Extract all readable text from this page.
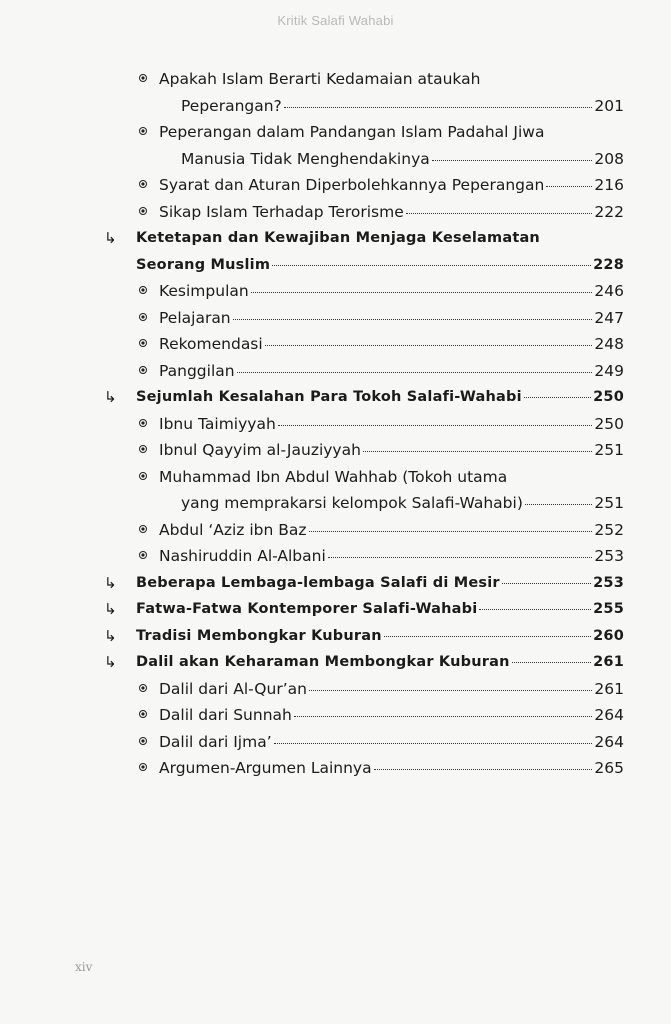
Kritik Salafi Wahabi
Apakah Islam Berarti Kedamaian ataukah
Peperangan?	201
Peperangan dalam Pandangan Islam Padahal Jiwa
Manusia Tidak Menghendakinya	208
Syarat dan Aturan Diperbolehkannya Peperangan	216
Sikap Islam Terhadap Terorisme	222
↳ Ketetapan dan Kewajiban Menjaga Keselamatan
Seorang Muslim	228
Kesimpulan	246
Pelajaran	247
Rekomendasi	248
Panggilan	249
↳ Sejumlah Kesalahan Para Tokoh Salafi-Wahabi	250
Ibnu Taimiyyah	250
Ibnul Qayyim al-Jauziyyah	251
Muhammad Ibn Abdul Wahhab (Tokoh utama
yang memprakarsi kelompok Salafi-Wahabi)	251
Abdul ‘Aziz ibn Baz	252
Nashiruddin Al-Albani	253
↳ Beberapa Lembaga-lembaga Salafi di Mesir	253
↳ Fatwa-Fatwa Kontemporer Salafi-Wahabi	255
↳ Tradisi Membongkar Kuburan	260
↳ Dalil akan Keharaman Membongkar Kuburan	261
Dalil dari Al-Qur’an	261
Dalil dari Sunnah	264
Dalil dari Ijma’	264
Argumen-Argumen Lainnya	265
xiv
